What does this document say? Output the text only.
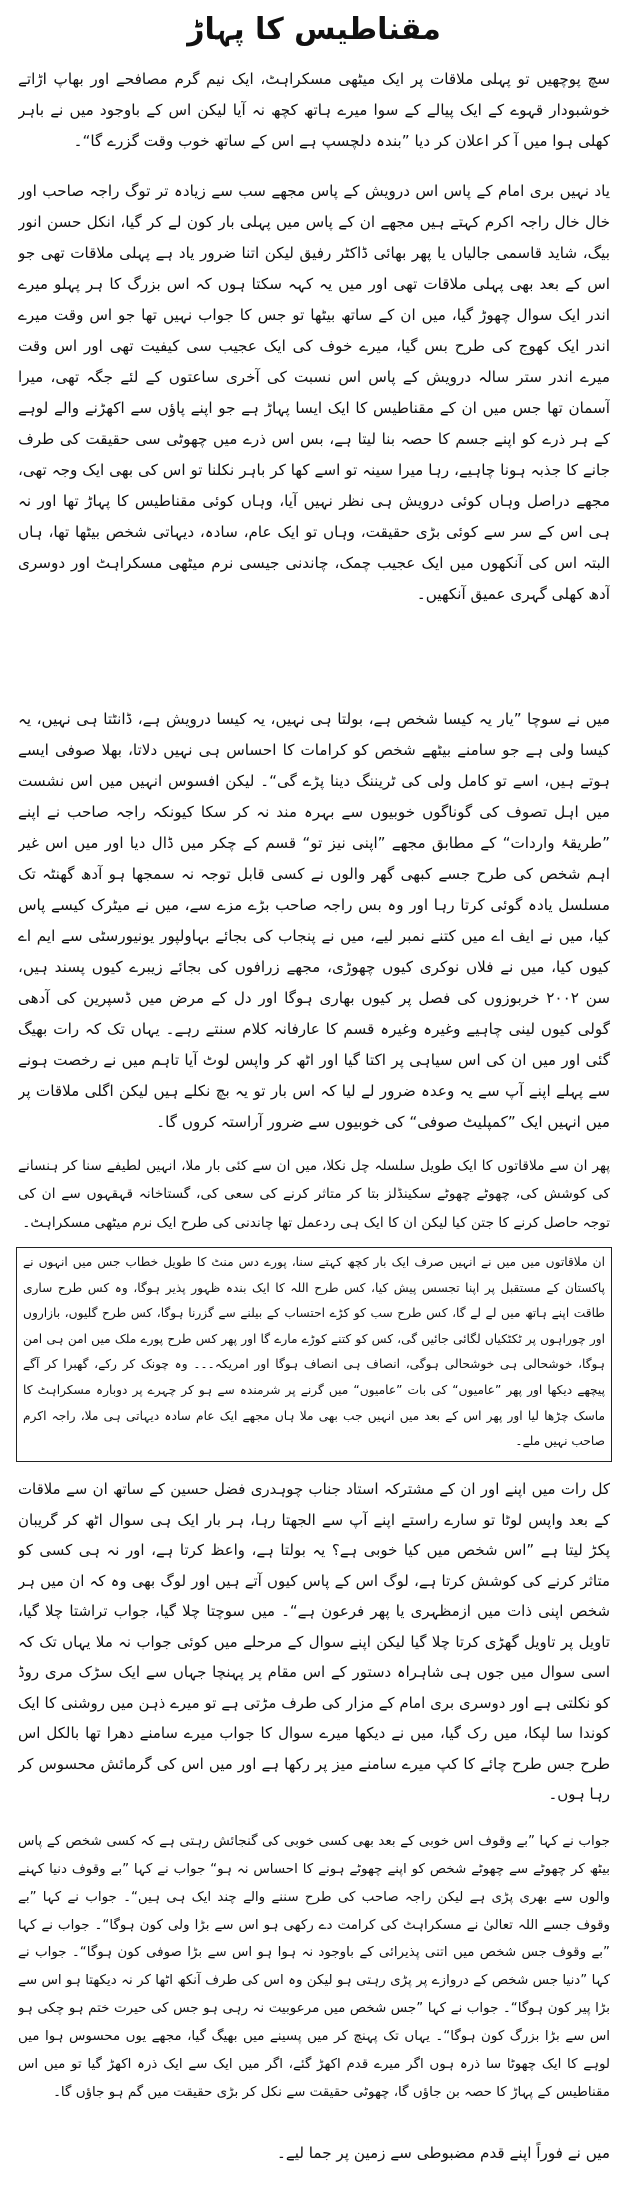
مقناطیس کا پہاڑ
سچ پوچھیں تو پہلی ملاقات پر ایک میٹھی مسکراہٹ، ایک نیم گرم مصافحے اور بھاپ اڑاتے خوشبودار قہوے کے ایک پیالے کے سوا میرے ہاتھ کچھ نہ آیا لیکن اس کے باوجود میں نے باہر کھلی ہوا میں آ کر اعلان کر دیا ”بندہ دلچسپ ہے اس کے ساتھ خوب وقت گزرے گا“۔
یاد نہیں بری امام کے پاس اس درویش کے پاس مجھے سب سے زیادہ تر توگ راجہ صاحب اور خال خال راجہ اکرم کہتے ہیں مجھے ان کے پاس میں پہلی بار کون لے کر گیا، انکل حسن انور بیگ، شاید قاسمی جالیاں یا پھر بھائی ڈاکٹر رفیق لیکن اتنا ضرور یاد ہے پہلی ملاقات تھی جو اس کے بعد بھی پہلی ملاقات تھی اور میں یہ کہہ سکتا ہوں کہ اس بزرگ کا ہر پہلو میرے اندر ایک سوال چھوڑ گیا، میں ان کے ساتھ بیٹھا تو جس کا جواب نہیں تھا جو اس وقت میرے اندر ایک کھوج کی طرح بس گیا، میرے خوف کی ایک عجیب سی کیفیت تھی اور اس وقت میرے اندر ستر سالہ درویش کے پاس اس نسبت کی آخری ساعتوں کے لئے جگہ تھی، میرا آسمان تھا جس میں ان کے مقناطیس کا ایک ایسا پہاڑ ہے جو اپنے پاؤں سے اکھڑنے والے لوہے کے ہر ذرے کو اپنے جسم کا حصہ بنا لیتا ہے، بس اس ذرے میں چھوٹی سی حقیقت کی طرف جانے کا جذبہ ہونا چاہیے، رہا میرا سینہ تو اسے کھا کر باہر نکلنا تو اس کی بھی ایک وجہ تھی، مجھے دراصل وہاں کوئی درویش ہی نظر نہیں آیا، وہاں کوئی مقناطیس کا پہاڑ تھا اور نہ ہی اس کے سر سے کوئی بڑی حقیقت، وہاں تو ایک عام، سادہ، دیہاتی شخص بیٹھا تھا، ہاں البتہ اس کی آنکھوں میں ایک عجیب چمک، چاندنی جیسی نرم میٹھی مسکراہٹ اور دوسری آدھ کھلی گہری عمیق آنکھیں۔
میں نے سوچا ”یار یہ کیسا شخص ہے، بولتا ہی نہیں، یہ کیسا درویش ہے، ڈانٹتا ہی نہیں، یہ کیسا ولی ہے جو سامنے بیٹھے شخص کو کرامات کا احساس ہی نہیں دلاتا، بھلا صوفی ایسے ہوتے ہیں، اسے تو کامل ولی کی ٹریننگ دینا پڑے گی“۔ لیکن افسوس انہیں میں اس نشست میں اہل تصوف کی گوناگوں خوبیوں سے بہرہ مند نہ کر سکا کیونکہ راجہ صاحب نے اپنے ”طریقۂ واردات“ کے مطابق مجھے ”اپنی نیز تو“ قسم کے چکر میں ڈال دیا اور میں اس غیر اہم شخص کی طرح جسے کبھی گھر والوں نے کسی قابل توجہ نہ سمجھا ہو آدھ گھنٹہ تک مسلسل یادہ گوئی کرتا رہا اور وہ بس راجہ صاحب بڑے مزے سے، میں نے میٹرک کیسے پاس کیا، میں نے ایف اے میں کتنے نمبر لیے، میں نے پنجاب کی بجائے بہاولپور یونیورسٹی سے ایم اے کیوں کیا، میں نے فلاں نوکری کیوں چھوڑی، مجھے زرافوں کی بجائے زیبرے کیوں پسند ہیں، سن ۲۰۰۲ خربوزوں کی فصل پر کیوں بھاری ہوگا اور دل کے مرض میں ڈسپرین کی آدھی گولی کیوں لینی چاہیے وغیرہ وغیرہ قسم کا عارفانہ کلام سنتے رہے۔ یہاں تک کہ رات بھیگ گئی اور میں ان کی اس سیاہی پر اکتا گیا اور اٹھ کر واپس لوٹ آیا تاہم میں نے رخصت ہونے سے پہلے اپنے آپ سے یہ وعدہ ضرور لے لیا کہ اس بار تو یہ بچ نکلے ہیں لیکن اگلی ملاقات پر میں انہیں ایک ”کمپلیٹ صوفی“ کی خوبیوں سے ضرور آراستہ کروں گا۔
پھر ان سے ملاقاتوں کا ایک طویل سلسلہ چل نکلا، میں ان سے کئی بار ملا، انہیں لطیفے سنا کر ہنسانے کی کوشش کی، چھوٹے چھوٹے سکینڈلز بتا کر متاثر کرنے کی سعی کی، گستاخانہ قہقہوں سے ان کی توجہ حاصل کرنے کا جتن کیا لیکن ان کا ایک ہی ردعمل تھا چاندنی کی طرح ایک نرم میٹھی مسکراہٹ۔
ان ملاقاتوں میں میں نے انہیں صرف ایک بار کچھ کہتے سنا، پورے دس منٹ کا طویل خطاب جس میں انہوں نے پاکستان کے مستقبل پر اپنا تجسس پیش کیا، کس طرح اللہ کا ایک بندہ ظہور پذیر ہوگا، وہ کس طرح ساری طاقت اپنے ہاتھ میں لے لے گا، کس طرح سب کو کڑے احتساب کے بیلنے سے گزرنا ہوگا، کس طرح گلیوں، بازاروں اور چوراہوں پر ٹکٹکیاں لگائی جائیں گی، کس کو کتنے کوڑے مارے گا اور پھر کس طرح پورے ملک میں امن ہی امن ہوگا، خوشحالی ہی خوشحالی ہوگی، انصاف ہی انصاف ہوگا اور امریکہ۔۔۔ وہ چونک کر رکے، گھبرا کر آگے پیچھے دیکھا اور پھر ”عامیوں“ کی بات ”عامیوں“ میں گرنے پر شرمندہ سے ہو کر چہرے پر دوبارہ مسکراہٹ کا ماسک چڑھا لیا اور پھر اس کے بعد میں انہیں جب بھی ملا ہاں مجھے ایک عام سادہ دیہاتی ہی ملا، راجہ اکرم صاحب نہیں ملے۔
کل رات میں اپنے اور ان کے مشترکہ استاد جناب چوہدری فضل حسین کے ساتھ ان سے ملاقات کے بعد واپس لوٹا تو سارے راستے اپنے آپ سے الجھتا رہا، ہر بار ایک ہی سوال اٹھ کر گریبان پکڑ لیتا ہے ”اس شخص میں کیا خوبی ہے؟ یہ بولتا ہے، واعظ کرتا ہے، اور نہ ہی کسی کو متاثر کرنے کی کوشش کرتا ہے، لوگ اس کے پاس کیوں آتے ہیں اور لوگ بھی وہ کہ ان میں ہر شخص اپنی ذات میں ازمظہری یا پھر فرعون ہے“۔ میں سوچتا چلا گیا، جواب تراشتا چلا گیا، تاویل پر تاویل گھڑی کرتا چلا گیا لیکن اپنے سوال کے مرحلے میں کوئی جواب نہ ملا یہاں تک کہ اسی سوال میں جوں ہی شاہراہ دستور کے اس مقام پر پہنچا جہاں سے ایک سڑک مری روڈ کو نکلتی ہے اور دوسری بری امام کے مزار کی طرف مڑتی ہے تو میرے ذہن میں روشنی کا ایک کوندا سا لپکا، میں رک گیا، میں نے دیکھا میرے سوال کا جواب میرے سامنے دھرا تھا بالکل اس طرح جس طرح چائے کا کپ میرے سامنے میز پر رکھا ہے اور میں اس کی گرمائش محسوس کر رہا ہوں۔
جواب نے کہا ”بے وقوف اس خوبی کے بعد بھی کسی خوبی کی گنجائش رہتی ہے کہ کسی شخص کے پاس بیٹھ کر چھوٹے سے چھوٹے شخص کو اپنے چھوٹے ہونے کا احساس نہ ہو“ جواب نے کہا ”بے وقوف دنیا کہنے والوں سے بھری پڑی ہے لیکن راجہ صاحب کی طرح سننے والے چند ایک ہی ہیں“۔ جواب نے کہا ”بے وقوف جسے اللہ تعالیٰ نے مسکراہٹ کی کرامت دے رکھی ہو اس سے بڑا ولی کون ہوگا“۔ جواب نے کہا ”بے وقوف جس شخص میں اتنی پذیرائی کے باوجود نہ ہوا ہو اس سے بڑا صوفی کون ہوگا“۔ جواب نے کہا ”دنیا جس شخص کے دروازے پر پڑی رہتی ہو لیکن وہ اس کی طرف آنکھ اٹھا کر نہ دیکھتا ہو اس سے بڑا پیر کون ہوگا“۔ جواب نے کہا ”جس شخص میں مرعوبیت نہ رہی ہو جس کی حیرت ختم ہو چکی ہو اس سے بڑا بزرگ کون ہوگا“۔ یہاں تک پہنچ کر میں پسینے میں بھیگ گیا، مجھے یوں محسوس ہوا میں لوہے کا ایک چھوٹا سا ذرہ ہوں اگر میرے قدم اکھڑ گئے، اگر میں ایک سے ایک ذرہ اکھڑ گیا تو میں اس مقناطیس کے پہاڑ کا حصہ بن جاؤں گا، چھوٹی حقیقت سے نکل کر بڑی حقیقت میں گم ہو جاؤں گا۔
میں نے فوراً اپنے قدم مضبوطی سے زمین پر جما لیے۔
